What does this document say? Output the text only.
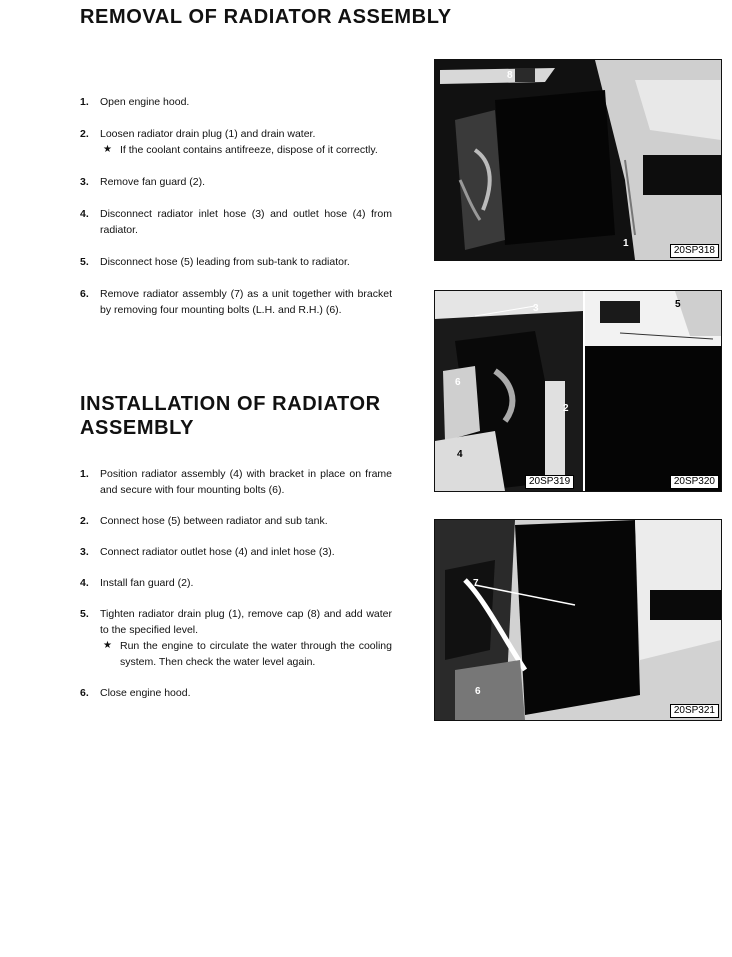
REMOVAL OF RADIATOR ASSEMBLY
1. Open engine hood.
2. Loosen radiator drain plug (1) and drain water.
★ If the coolant contains antifreeze, dispose of it correctly.
3. Remove fan guard (2).
4. Disconnect radiator inlet hose (3) and outlet hose (4) from radiator.
5. Disconnect hose (5) leading from sub-tank to radiator.
6. Remove radiator assembly (7) as a unit together with bracket by removing four mounting bolts (L.H. and R.H.) (6).
INSTALLATION OF RADIATOR
ASSEMBLY
1. Position radiator assembly (4) with bracket in place on frame and secure with four mounting bolts (6).
2. Connect hose (5) between radiator and sub tank.
3. Connect radiator outlet hose (4) and inlet hose (3).
4. Install fan guard (2).
5. Tighten radiator drain plug (1), remove cap (8) and add water to the specified level.
★ Run the engine to circulate the water through the cooling system. Then check the water level again.
6. Close engine hood.
8
1
20SP318
3
2
4
6
5
20SP319	20SP320
7
6
20SP321
